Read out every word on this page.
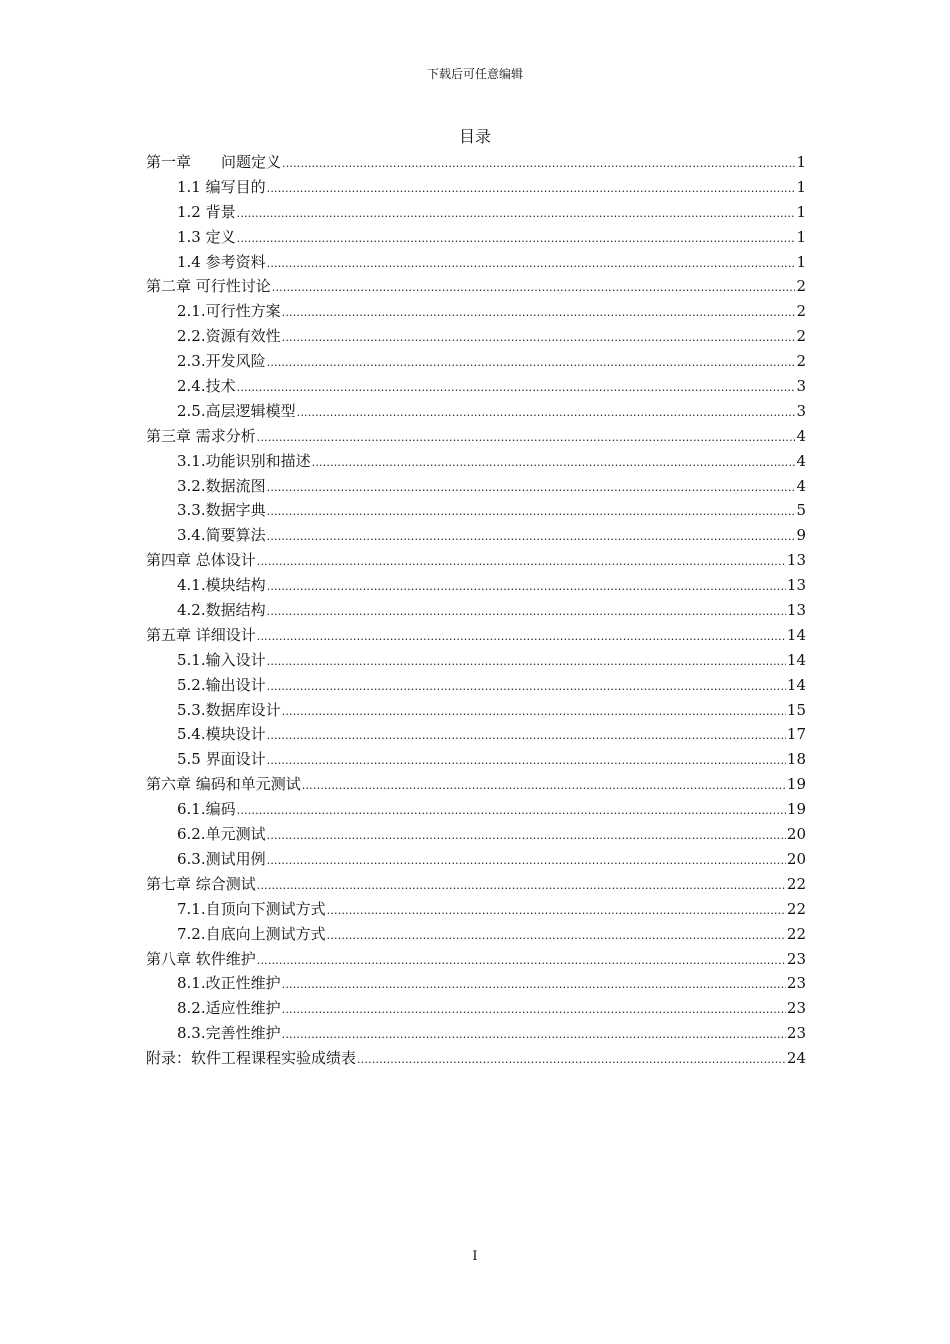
下载后可任意编辑
目录
第一章　　问题定义 .....	1
1.1 编写目的 .....	1
1.2 背景 .....	1
1.3 定义 .....	1
1.4 参考资料 .....	1
第二章 可行性讨论 .....	2
2.1.可行性方案 .....	2
2.2.资源有效性 .....	2
2.3.开发风险 .....	2
2.4.技术 .....	3
2.5.高层逻辑模型 .....	3
第三章 需求分析 .....	4
3.1.功能识别和描述 .....	4
3.2.数据流图 .....	4
3.3.数据字典 .....	5
3.4.简要算法 .....	9
第四章 总体设计 .....	13
4.1.模块结构 .....	13
4.2.数据结构 .....	13
第五章 详细设计 .....	14
5.1.输入设计 .....	14
5.2.输出设计 .....	14
5.3.数据库设计 .....	15
5.4.模块设计 .....	17
5.5 界面设计 .....	18
第六章 编码和单元测试 .....	19
6.1.编码 .....	19
6.2.单元测试 .....	20
6.3.测试用例 .....	20
第七章 综合测试 .....	22
7.1.自顶向下测试方式 .....	22
7.2.自底向上测试方式 .....	22
第八章 软件维护 .....	23
8.1.改正性维护 .....	23
8.2.适应性维护 .....	23
8.3.完善性维护 .....	23
附录：软件工程课程实验成绩表 .....	24
I
